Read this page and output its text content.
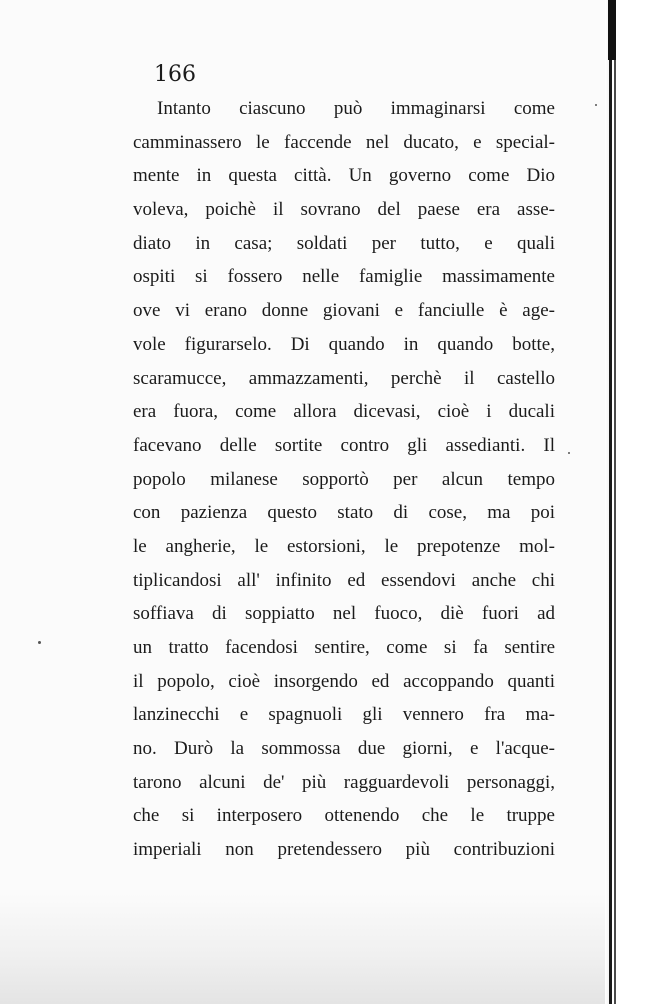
166
Intanto ciascuno può immaginarsi come
camminassero le faccende nel ducato, e special-
mente in questa città. Un governo come Dio
voleva, poichè il sovrano del paese era asse-
diato in casa; soldati per tutto, e quali
ospiti si fossero nelle famiglie massimamente
ove vi erano donne giovani e fanciulle è age-
vole figurarselo. Di quando in quando botte,
scaramucce, ammazzamenti, perchè il castello
era fuora, come allora dicevasi, cioè i ducali
facevano delle sortite contro gli assedianti. Il
popolo milanese sopportò per alcun tempo
con pazienza questo stato di cose, ma poi
le angherie, le estorsioni, le prepotenze mol-
tiplicandosi all' infinito ed essendovi anche chi
soffiava di soppiatto nel fuoco, diè fuori ad
un tratto facendosi sentire, come si fa sentire
il popolo, cioè insorgendo ed accoppando quanti
lanzinecchi e spagnuoli gli vennero fra ma-
no. Durò la sommossa due giorni, e l'acque-
tarono alcuni de' più ragguardevoli personaggi,
che si interposero ottenendo che le truppe
imperiali non pretendessero più contribuzioni
